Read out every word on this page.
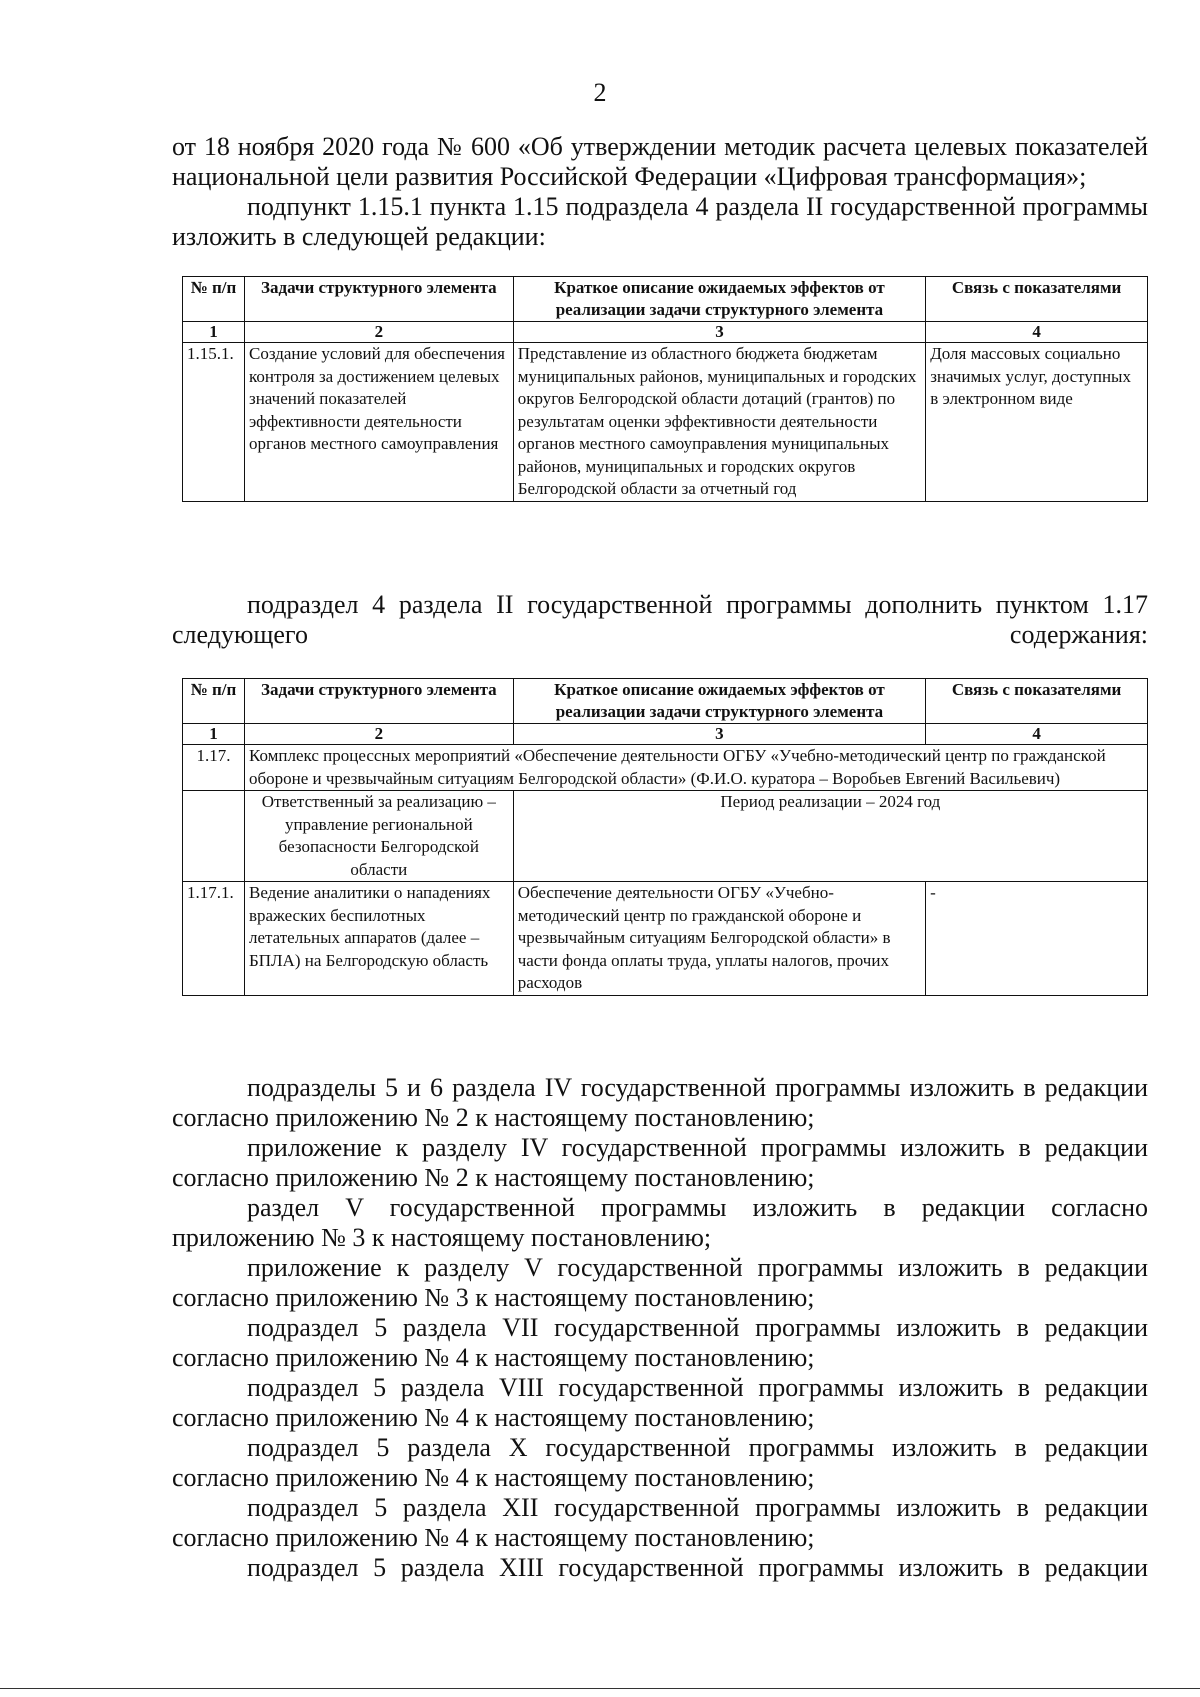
2
от 18 ноября 2020 года № 600 «Об утверждении методик расчета целевых показателей национальной цели развития Российской Федерации «Цифровая трансформация»;
подпункт 1.15.1 пункта 1.15 подраздела 4 раздела II государственной программы изложить в следующей редакции:
№ п/п	Задачи структурного элемента	Краткое описание ожидаемых эффектов от реализации задачи структурного элемента	Связь с показателями
1	2	3	4
1.15.1.	Создание условий для обеспечения контроля за достижением целевых значений показателей эффективности деятельности органов местного самоуправления	Представление из областного бюджета бюджетам муниципальных районов, муниципальных и городских округов Белгородской области дотаций (грантов) по результатам оценки эффективности деятельности органов местного самоуправления муниципальных районов, муниципальных и городских округов Белгородской области за отчетный год	Доля массовых социально значимых услуг, доступных в электронном виде
подраздел 4 раздела II государственной программы дополнить пунктом 1.17 следующего содержания:
№ п/п	Задачи структурного элемента	Краткое описание ожидаемых эффектов от реализации задачи структурного элемента	Связь с показателями
1	2	3	4
1.17.	Комплекс процессных мероприятий «Обеспечение деятельности ОГБУ «Учебно-методический центр по гражданской обороне и чрезвычайным ситуациям Белгородской области» (Ф.И.О. куратора – Воробьев Евгений Васильевич)		
	Ответственный за реализацию – управление региональной безопасности Белгородской области	Период реализации – 2024 год	
1.17.1.	Ведение аналитики о нападениях вражеских беспилотных летательных аппаратов (далее – БПЛА) на Белгородскую область	Обеспечение деятельности ОГБУ «Учебно-методический центр по гражданской обороне и чрезвычайным ситуациям Белгородской области» в части фонда оплаты труда, уплаты налогов, прочих расходов	-
подразделы 5 и 6 раздела IV государственной программы изложить в редакции согласно приложению № 2 к настоящему постановлению;
приложение к разделу IV государственной программы изложить в редакции согласно приложению № 2 к настоящему постановлению;
раздел V государственной программы изложить в редакции согласно приложению № 3 к настоящему постановлению;
приложение к разделу V государственной программы изложить в редакции согласно приложению № 3 к настоящему постановлению;
подраздел 5 раздела VII государственной программы изложить в редакции согласно приложению № 4 к настоящему постановлению;
подраздел 5 раздела VIII государственной программы изложить в редакции согласно приложению № 4 к настоящему постановлению;
подраздел 5 раздела X государственной программы изложить в редакции согласно приложению № 4 к настоящему постановлению;
подраздел 5 раздела XII государственной программы изложить в редакции согласно приложению № 4 к настоящему постановлению;
подраздел 5 раздела XIII государственной программы изложить в редакции
